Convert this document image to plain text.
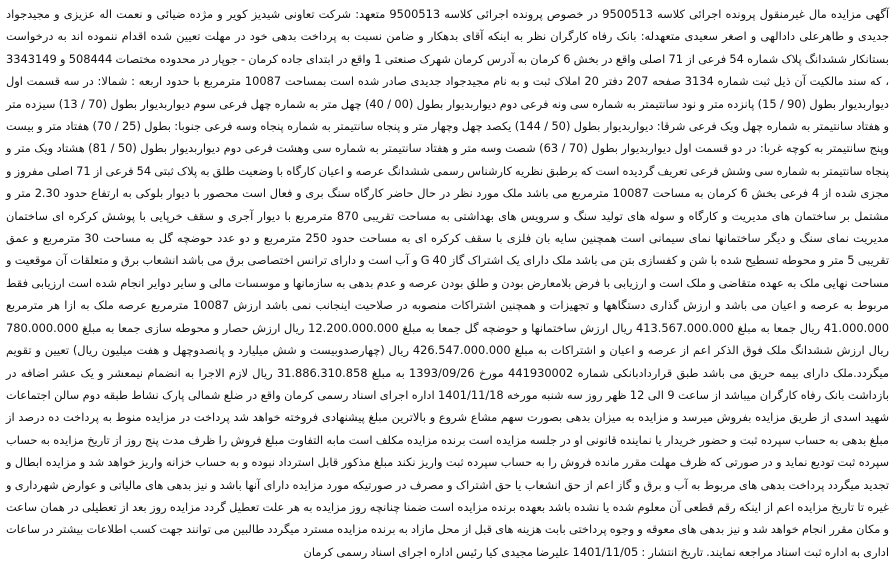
آگهی مزایده مال غیرمنقول پرونده اجرائی کلاسه 9500513 در خصوص پرونده اجرائی کلاسه 9500513 متعهد: شرکت تعاونی شیدیز کویر و مژده ضیائی و نعمت اله عزیزی و مجیدجواد جدیدی و طاهرعلی دادالهی و اصغر سعیدی متعهدله: بانک رفاه کارگران نظر به اینکه آقای بدهکار و ضامن نسبت به پرداخت بدهی خود در مهلت تعیین شده اقدام ننموده اند به درخواست بستانکار ششدانگ پلاک شماره 54 فرعی از 71 اصلی واقع در بخش 6 کرمان به آدرس کرمان شهرک صنعتی 1 واقع در ابتدای جاده کرمان - جوپار در محدوده مختصات 508444 و 3343149 ، که سند مالکیت آن ذیل ثبت شماره 3134 صفحه 207 دفتر 20 املاک ثبت و به نام مجیدجواد جدیدی صادر شده است بمساحت 10087 مترمربع با حدود اربعه : شمالا: در سه قسمت اول دیواربدیوار بطول (90 / 15) پانزده متر و نود سانتیمتر به شماره سی ونه فرعی دوم دیواربدیوار بطول (00 / 40) چهل متر به شماره چهل فرعی سوم دیواربدیوار بطول (70 / 13) سیزده متر و هفتاد سانتیمتر به شماره چهل ویک فرعی شرقا: دیواربدیوار بطول (50 / 144) یکصد چهل وچهار متر و پنجاه سانتیمتر به شماره پنجاه وسه فرعی جنوبا: بطول (25 / 70) هفتاد متر و بیست وپنج سانتیمتر به کوچه غربا: در دو قسمت اول دیواربدیوار بطول (70 / 63) شصت وسه متر و هفتاد سانتیمتر به شماره سی وهشت فرعی دوم دیواربدیوار بطول (50 / 81) هشتاد ویک متر و پنجاه سانتیمتر به شماره سی وشش فرعی تعریف گردیده است که برطبق نظریه کارشناس رسمی ششدانگ عرصه و اعیان کارگاه با وضعیت طلق به پلاک ثبتی 54 فرعی از 71 اصلی مفروز و مجزی شده از 4 فرعی بخش 6 کرمان به مساحت 10087 مترمربع می باشد ملک مورد نظر در حال حاضر کارگاه سنگ بری و فعال است محصور با دیوار بلوکی به ارتفاع حدود 2.30 متر و مشتمل بر ساختمان های مدیریت و کارگاه و سوله های تولید سنگ و سرویس های بهداشتی به مساحت تقریبی 870 مترمربع با دیوار آجری و سقف خرپایی با پوشش کرکره ای ساختمان مدیریت نمای سنگ و دیگر ساختمانها نمای سیمانی است همچنین سایه بان فلزی با سقف کرکره ای به مساحت حدود 250 مترمربع و دو عدد حوضچه گل به مساحت 30 مترمربع و عمق تقریبی 5 متر و محوطه تسطیح شده با شن و کفسازی بتن می باشد ملک دارای یک اشتراک گاز G 40 و آب است و دارای ترانس اختصاصی برق می باشد انشعاب برق و متعلقات آن موقعیت و مساحت نهایی ملک به عهده متقاضی و ملک است و ارزیابی با فرض بلامعارض بودن و طلق بودن عرصه و عدم بدهی به سازمانها و موسسات مالی و سایر دوایر انجام شده است ارزیابی فقط مربوط به عرصه و اعیان می باشد و ارزش گذاری دستگاهها و تجهیزات و همچنین اشتراکات منصوبه در صلاحیت اینجانب نمی باشد ارزش 10087 مترمربع عرصه ملک به ازا هر مترمربع 41.000.000 ریال جمعا به مبلغ 413.567.000.000 ریال ارزش ساختمانها و حوضچه گل جمعا به مبلغ 12.200.000.000 ریال ارزش حصار و محوطه سازی جمعا به مبلغ 780.000.000 ریال ارزش ششدانگ ملک فوق الذکر اعم از عرصه و اعیان و اشتراکات به مبلغ 426.547.000.000 ریال (چهارصدوبیست و شش میلیارد و پانصدوچهل و هفت میلیون ریال) تعیین و تقویم میگردد.ملک دارای بیمه حریق می باشد طبق قراردادبانکی شماره 441930002 مورخ 1393/09/26 به مبلغ 31.886.310.858 ریال لازم الاجرا به انضمام نیمعشر و یک عشر اضافه در بازداشت بانک رفاه کارگران میباشد از ساعت 9 الی 12 ظهر روز سه شنبه مورخه 1401/11/18 اداره اجرای اسناد رسمی کرمان واقع در ضلع شمالی پارک نشاط طبقه دوم سالن اجتماعات شهید اسدی از طریق مزایده بفروش میرسد و مزایده به میزان بدهی بصورت سهم مشاع شروع و بالاترین مبلغ پیشنهادی فروخته خواهد شد پرداخت در مزایده منوط به پرداخت ده درصد از مبلغ بدهی به حساب سپرده ثبت و حضور خریدار یا نماینده قانونی او در جلسه مزایده است برنده مزایده مکلف است مابه التفاوت مبلغ فروش را ظرف مدت پنج روز از تاریخ مزایده به حساب سپرده ثبت تودیع نماید و در صورتی که ظرف مهلت مقرر مانده فروش را به حساب سپرده ثبت واریز نکند مبلغ مذکور قابل استرداد نبوده و به حساب خزانه واریز خواهد شد و مزایده ابطال و تجدید میگردد پرداخت بدهی های مربوط به آب و برق و گاز اعم از حق انشعاب یا حق اشتراک و مصرف در صورتیکه مورد مزایده دارای آنها باشد و نیز بدهی های مالیاتی و عوارض شهرداری و غیره تا تاریخ مزایده اعم از اینکه رقم قطعی آن معلوم شده یا نشده باشد بعهده برنده مزایده است ضمنا چنانچه روز مزایده به هر علت تعطیل گردد مزایده روز بعد از تعطیلی در همان ساعت و مکان مقرر انجام خواهد شد و نیز بدهی های معوقه و وجوه پرداختی بابت هزینه های قبل از محل مازاد به برنده مزایده مسترد میگردد طالبین می توانند جهت کسب اطلاعات بیشتر در ساعات اداری به اداره ثبت اسناد مراجعه نمایند. تاریخ انتشار : 1401/11/05 علیرضا مجیدی کیا رئیس اداره اجرای اسناد رسمی کرمان
